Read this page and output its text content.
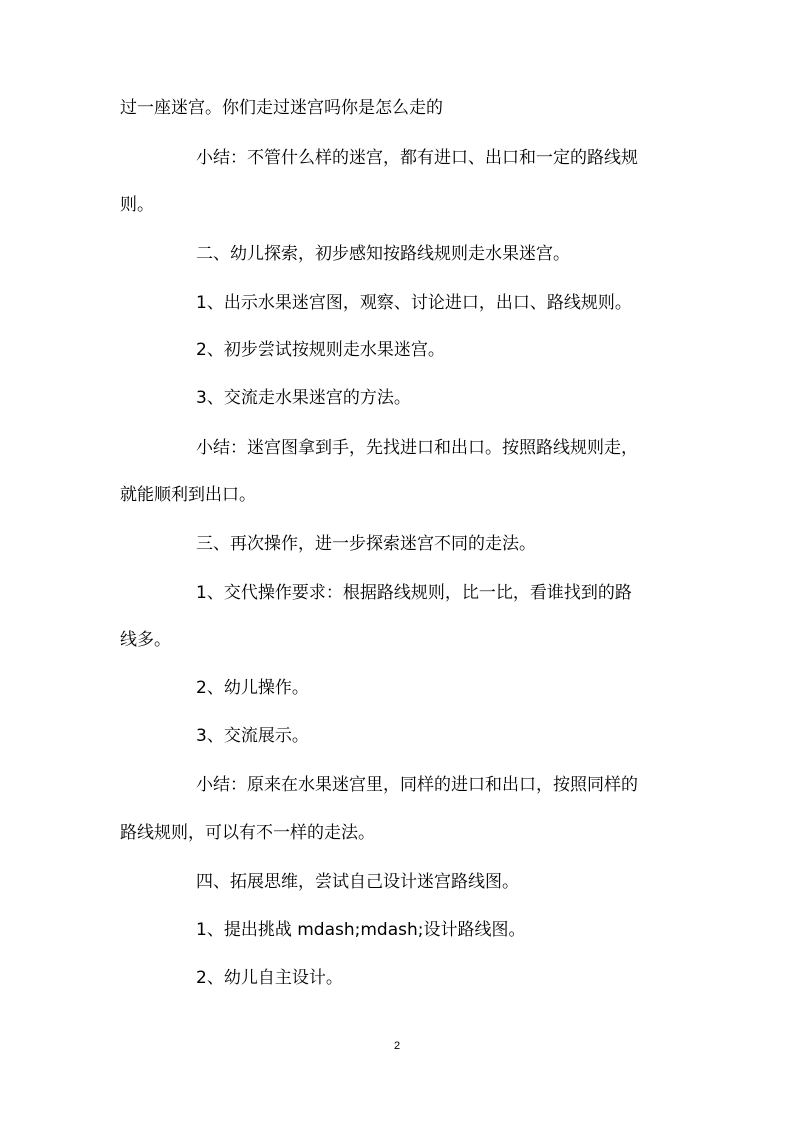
过一座迷宫。你们走过迷宫吗你是怎么走的

小结：不管什么样的迷宫，都有进口、出口和一定的路线规

则。

二、幼儿探索，初步感知按路线规则走水果迷宫。

1、出示水果迷宫图，观察、讨论进口，出口、路线规则。

2、初步尝试按规则走水果迷宫。

3、交流走水果迷宫的方法。

小结：迷宫图拿到手，先找进口和出口。按照路线规则走，

就能顺利到出口。

三、再次操作，进一步探索迷宫不同的走法。

1、交代操作要求：根据路线规则，比一比，看谁找到的路

线多。

2、幼儿操作。

3、交流展示。

小结：原来在水果迷宫里，同样的进口和出口，按照同样的

路线规则，可以有不一样的走法。

四、拓展思维，尝试自己设计迷宫路线图。

1、提出挑战 mdash;mdash;设计路线图。

2、幼儿自主设计。

2
